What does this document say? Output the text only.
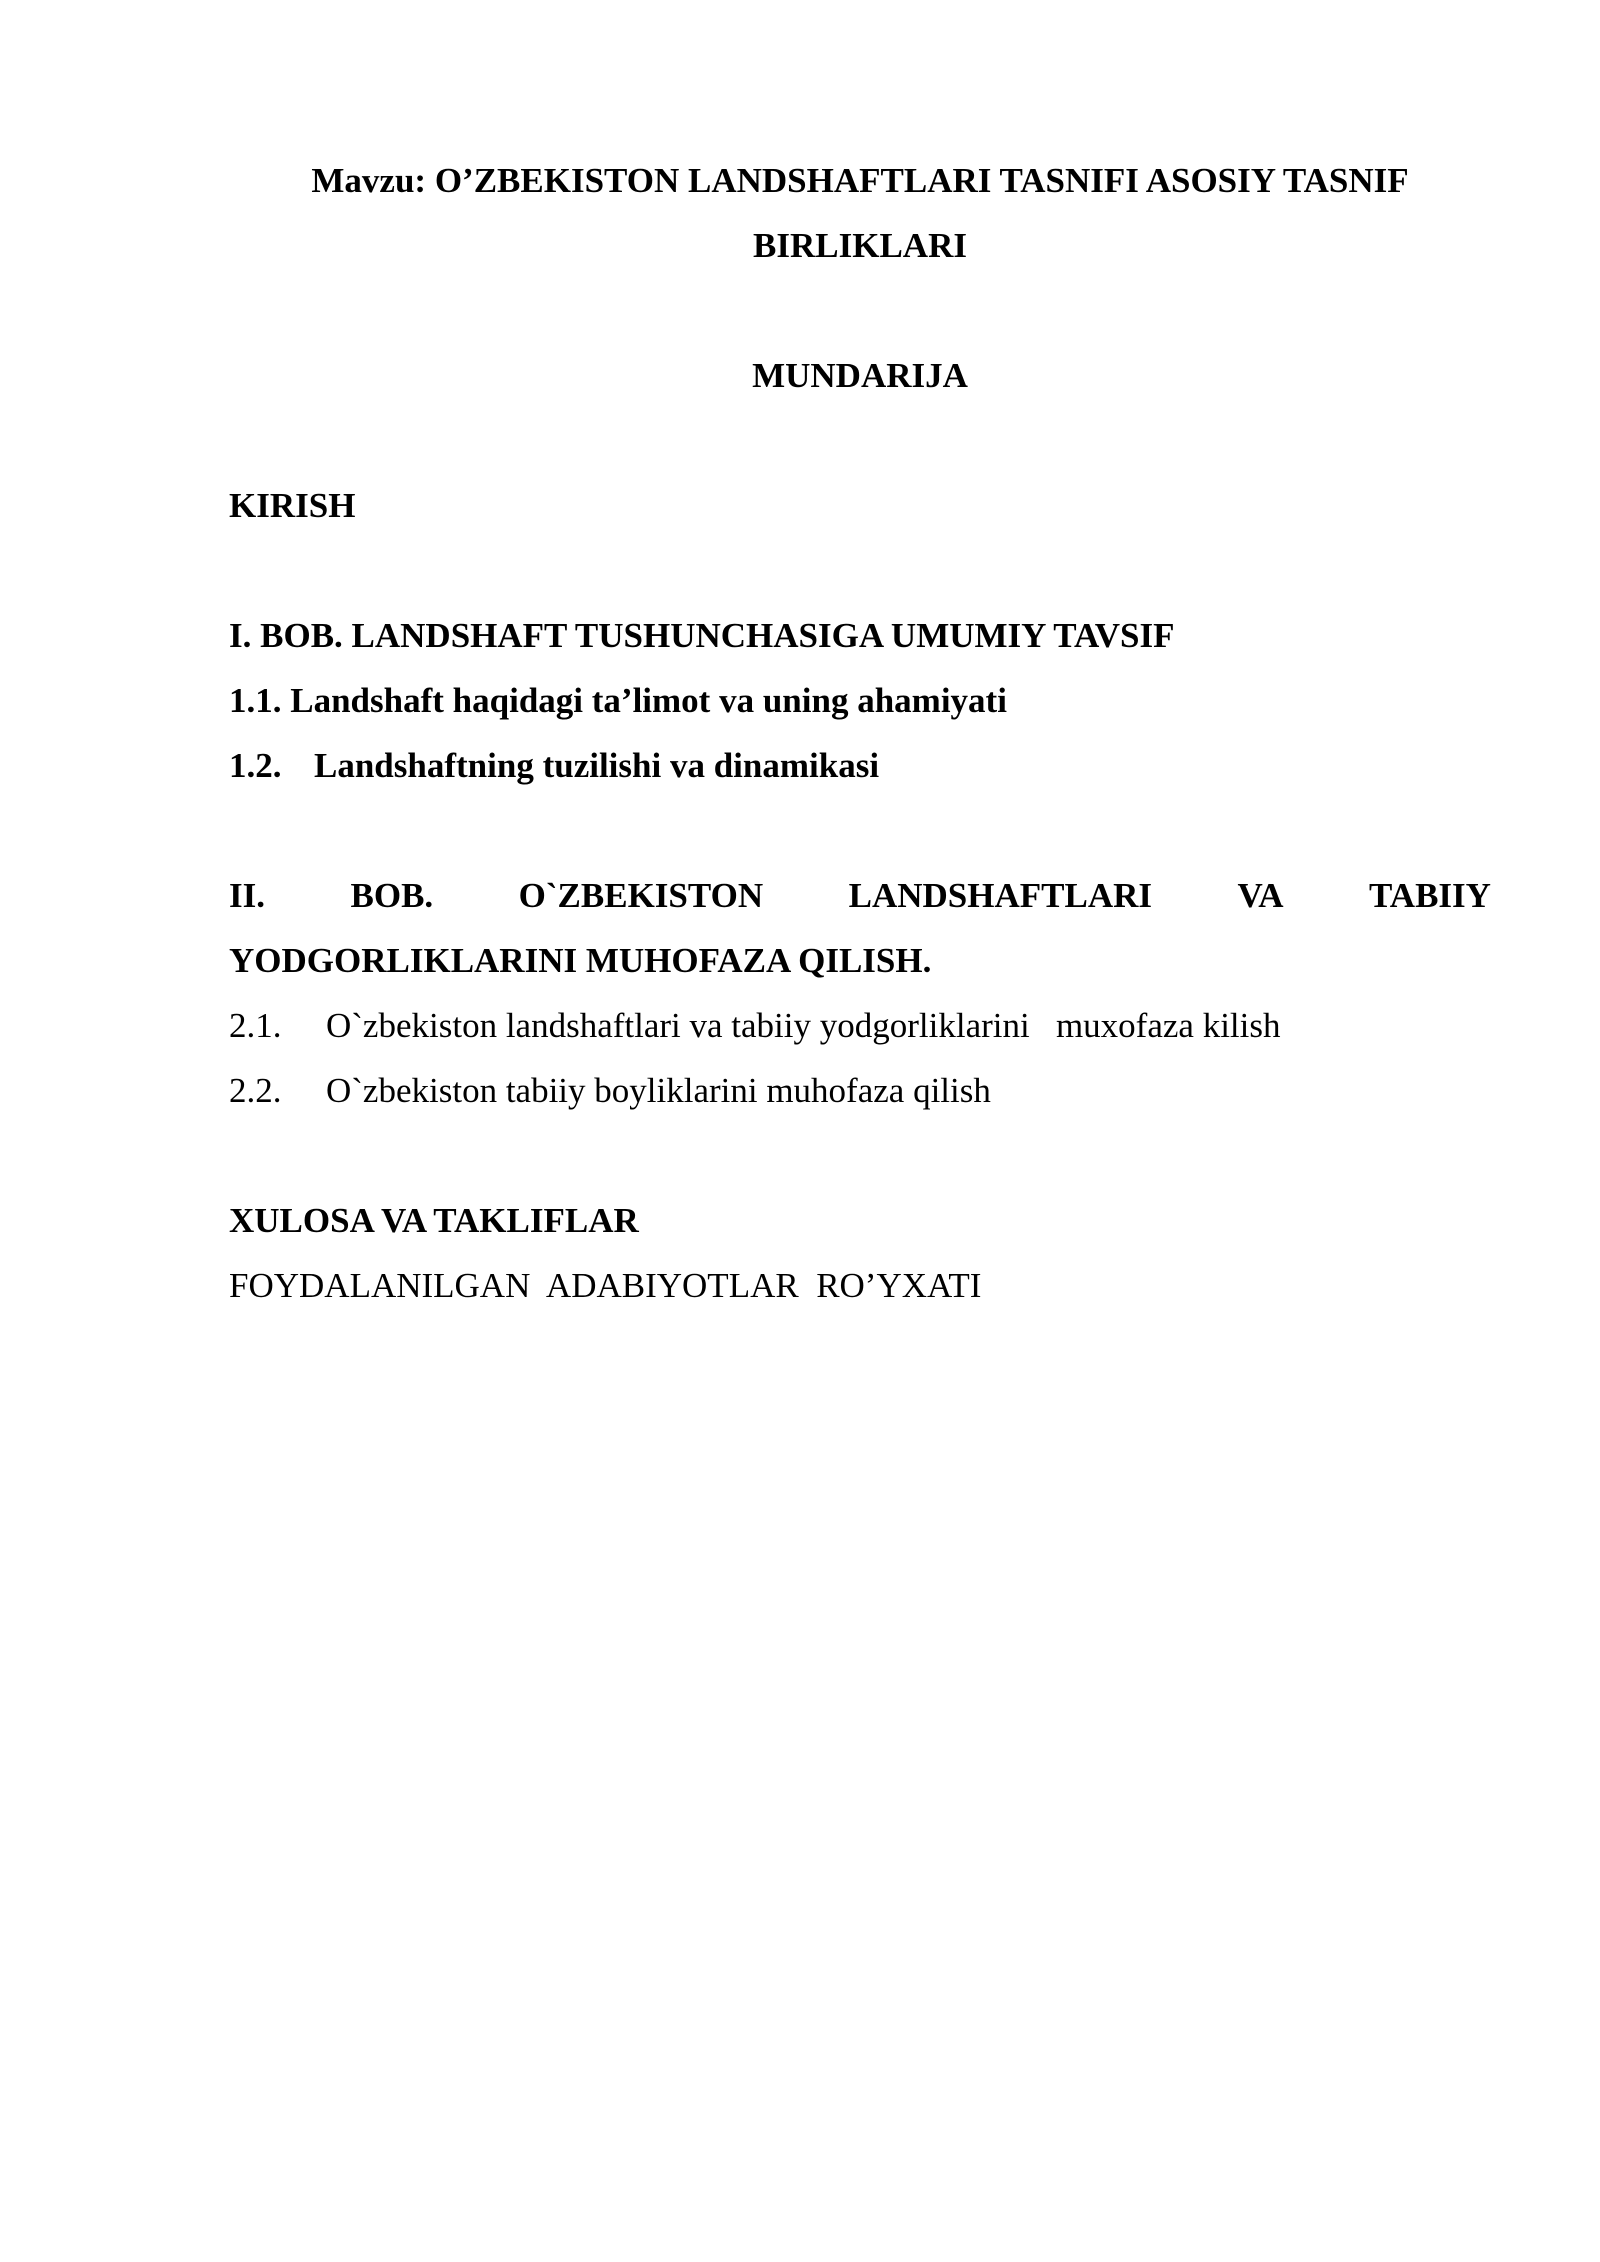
Mavzu: O’ZBEKISTON LANDSHAFTLARI TASNIFI ASOSIY TASNIF

BIRLIKLARI

MUNDARIJA

KIRISH

I. BOB. LANDSHAFT TUSHUNCHASIGA UMUMIY TAVSIF

1.1. Landshaft haqidagi ta’limot va uning ahamiyati

1.2. Landshaftning tuzilishi va dinamikasi

II. BOB. O`ZBEKISTON LANDSHAFTLARI VA TABIIY

YODGORLIKLARINI MUHOFAZA QILISH.

2.1. O`zbekiston landshaftlari va tabiiy yodgorliklarini   muxofaza kilish

2.2. O`zbekiston tabiiy boyliklarini muhofaza qilish

XULOSA VA TAKLIFLAR

FOYDALANILGAN  ADABIYOTLAR  RO’YXATI
